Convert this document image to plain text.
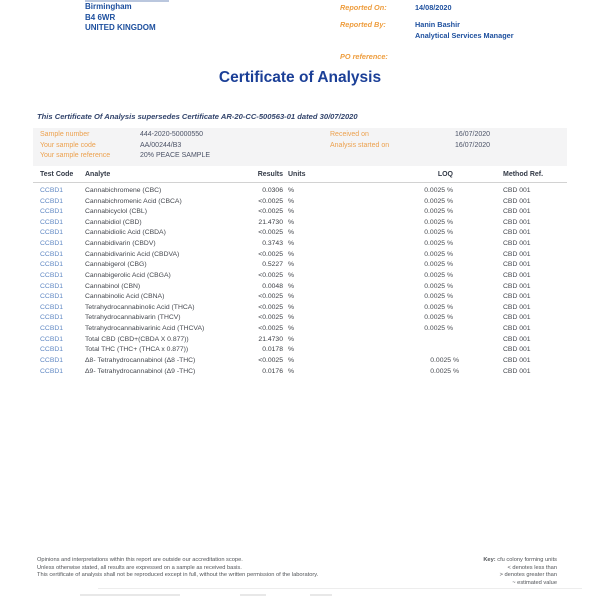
Birmingham
B4 6WR
UNITED KINGDOM
Reported On:	14/08/2020
Reported By:	Hanin Bashir
Analytical Services Manager
PO reference:
Certificate of Analysis
This Certificate Of Analysis supersedes Certificate AR-20-CC-500563-01 dated 30/07/2020
Sample number	444-2020-50000550
Your sample code	AA/00244/B3
Your sample reference	20% PEACE SAMPLE
Received on	16/07/2020
Analysis started on	16/07/2020
Test Code Analyte	Results Units	LOQ	Method Ref.
CCBD1	Cannabichromene (CBC)	0.0306 %	0.0025 %	CBD 001
CCBD1	Cannabichromenic Acid (CBCA)	<0.0025 %	0.0025 %	CBD 001
CCBD1	Cannabicyclol (CBL)	<0.0025 %	0.0025 %	CBD 001
CCBD1	Cannabidiol (CBD)	21.4730 %	0.0025 %	CBD 001
CCBD1	Cannabidiolic Acid (CBDA)	<0.0025 %	0.0025 %	CBD 001
CCBD1	Cannabidivarin (CBDV)	0.3743 %	0.0025 %	CBD 001
CCBD1	Cannabidivarinic Acid (CBDVA)	<0.0025 %	0.0025 %	CBD 001
CCBD1	Cannabigerol (CBG)	0.5227 %	0.0025 %	CBD 001
CCBD1	Cannabigerolic Acid (CBGA)	<0.0025 %	0.0025 %	CBD 001
CCBD1	Cannabinol (CBN)	0.0048 %	0.0025 %	CBD 001
CCBD1	Cannabinolic Acid (CBNA)	<0.0025 %	0.0025 %	CBD 001
CCBD1	Tetrahydrocannabinolic Acid (THCA)	<0.0025 %	0.0025 %	CBD 001
CCBD1	Tetrahydrocannabivarin (THCV)	<0.0025 %	0.0025 %	CBD 001
CCBD1	Tetrahydrocannabivarinic Acid (THCVA)	<0.0025 %	0.0025 %	CBD 001
CCBD1	Total CBD (CBD+(CBDA X 0.877))	21.4730 %	CBD 001
CCBD1	Total THC (THC+ (THCA x 0.877))	0.0178 %	CBD 001
CCBD1	Δ8- Tetrahydrocannabinol (Δ8 -THC)	<0.0025 %	0.0025 %	CBD 001
CCBD1	Δ9- Tetrahydrocannabinol (Δ9 -THC)	0.0176 %	0.0025 %	CBD 001
Opinions and interpretations within this report are outside our accreditation scope.
Unless otherwise stated, all results are expressed on a sample as received basis.
This certificate of analysis shall not be reproduced except in full, without the written permission of the laboratory.
Key: cfu colony forming units
< denotes less than
> denotes greater than
~ estimated value
